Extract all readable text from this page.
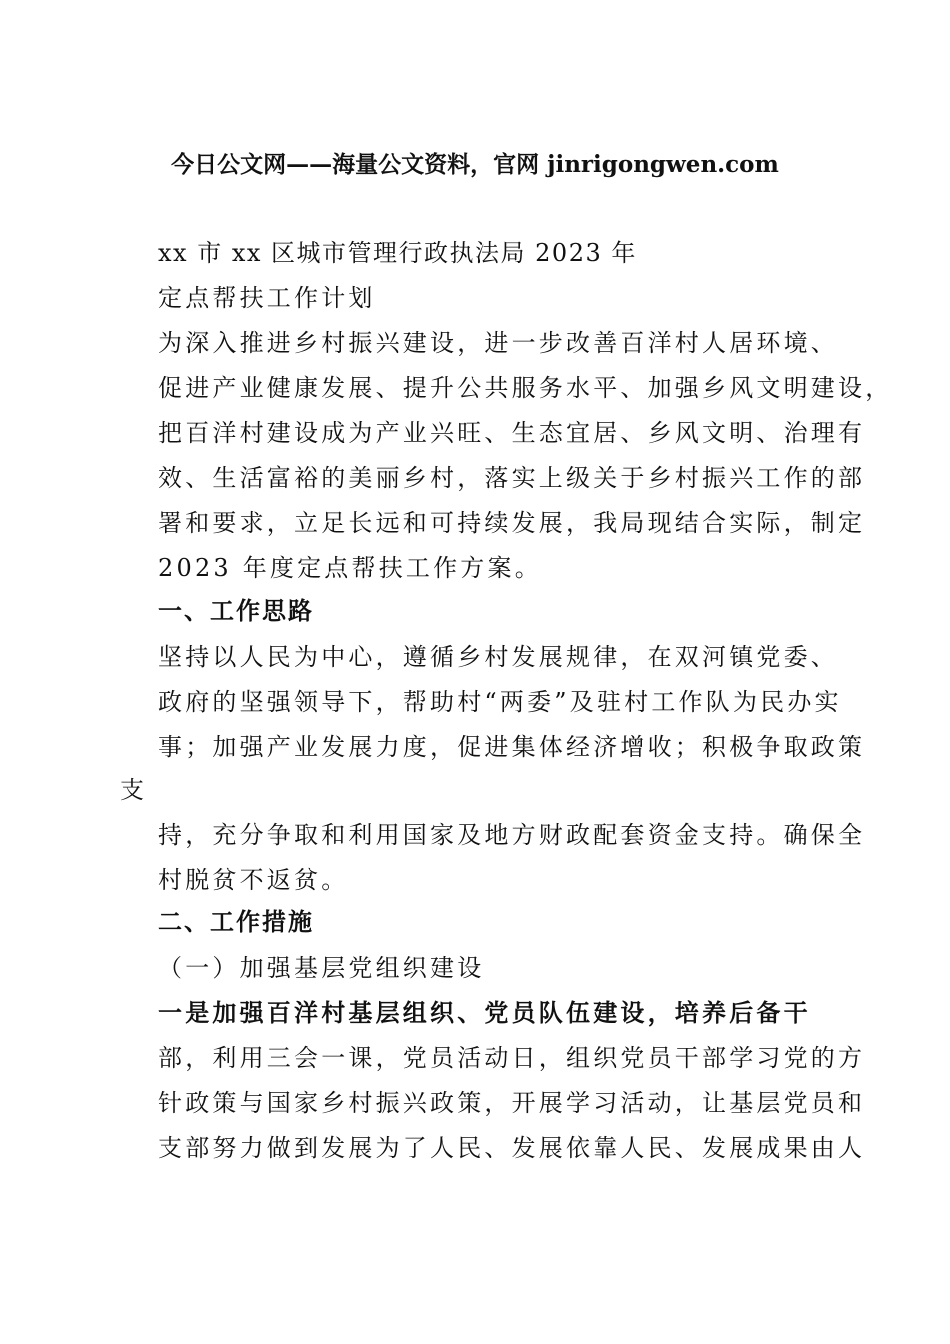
今日公文网——海量公文资料，官网 jinrigongwen.com
xx 市 xx 区城市管理行政执法局 2023 年
定点帮扶工作计划
为深入推进乡村振兴建设，进一步改善百洋村人居环境、
促进产业健康发展、提升公共服务水平、加强乡风文明建设，
把百洋村建设成为产业兴旺、生态宜居、乡风文明、治理有
效、生活富裕的美丽乡村，落实上级关于乡村振兴工作的部
署和要求，立足长远和可持续发展，我局现结合实际，制定
2023 年度定点帮扶工作方案。
一、工作思路
坚持以人民为中心，遵循乡村发展规律，在双河镇党委、
政府的坚强领导下，帮助村“两委”及驻村工作队为民办实
事；加强产业发展力度，促进集体经济增收；积极争取政策
支
持，充分争取和利用国家及地方财政配套资金支持。确保全
村脱贫不返贫。
二、工作措施
（一）加强基层党组织建设
一是加强百洋村基层组织、党员队伍建设，培养后备干
部，利用三会一课，党员活动日，组织党员干部学习党的方
针政策与国家乡村振兴政策，开展学习活动，让基层党员和
支部努力做到发展为了人民、发展依靠人民、发展成果由人
